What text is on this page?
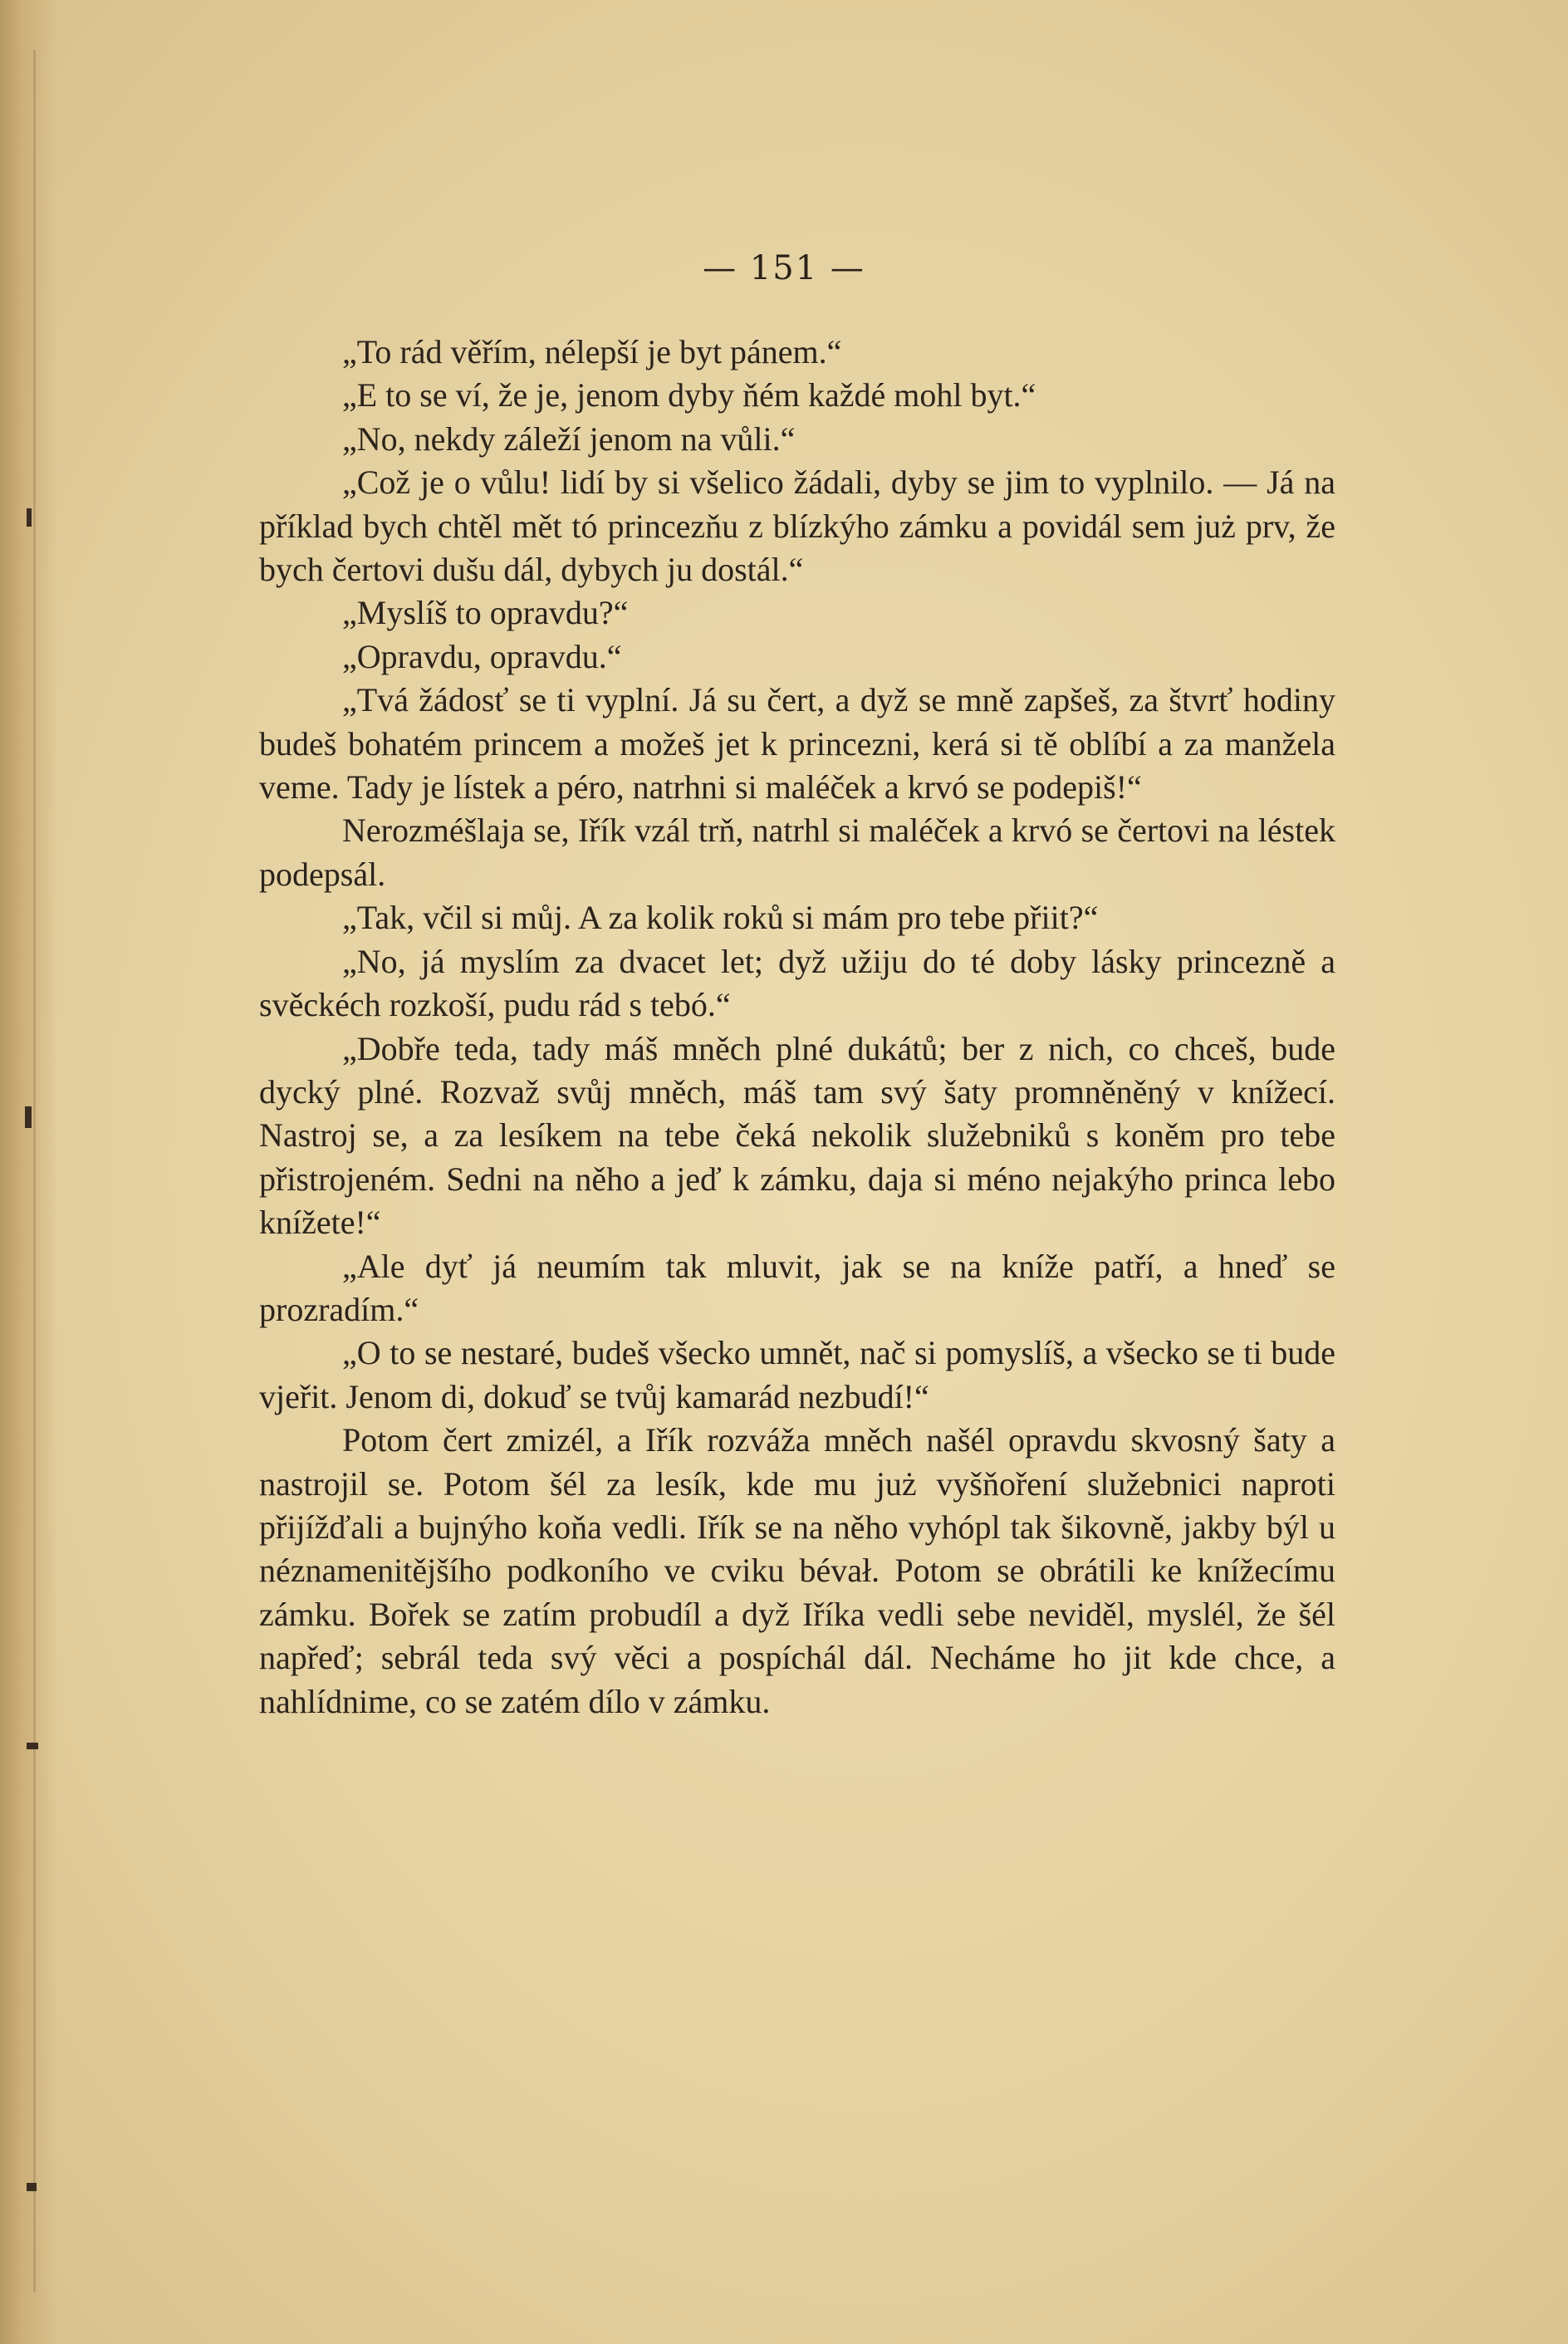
— 151 —

„To rád věřím, nélepší je byt pánem.“

„E to se ví, že je, jenom dyby ňém každé mohl byt.“

„No, nekdy záleží jenom na vůli.“

„Což je o vůlu! lidí by si všelico žádali, dyby se jim to vyplnilo. — Já na příklad bych chtěl mět tó princezňu z blízkýho zámku a povidál sem już prv, že bych čertovi dušu dál, dybych ju dostál.“

„Myslíš to opravdu?“

„Opravdu, opravdu.“

„Tvá žádosť se ti vyplní. Já su čert, a dyž se mně zapšeš, za štvrť hodiny budeš bohatém princem a možeš jet k princezni, kerá si tě oblíbí a za manžela veme. Tady je lístek a péro, natrhni si maléček a krvó se podepiš!“

Nerozméšlaja se, Iřík vzál trň, natrhl si maléček a krvó se čertovi na léstek podepsál.

„Tak, včil si můj. A za kolik roků si mám pro tebe přiit?“

„No, já myslím za dvacet let; dyž užiju do té doby lásky princezně a svěckéch rozkoší, pudu rád s tebó.“

„Dobře teda, tady máš mněch plné dukátů; ber z nich, co chceš, bude dycký plné. Rozvaž svůj mněch, máš tam svý šaty promněněný v knížecí. Nastroj se, a za lesíkem na tebe čeká nekolik služebniků s koněm pro tebe přistrojeném. Sedni na něho a jeď k zámku, daja si méno nejakýho princa lebo knížete!“

„Ale dyť já neumím tak mluvit, jak se na kníže patří, a hneď se prozradím.“

„O to se nestaré, budeš všecko umnět, nač si pomyslíš, a všecko se ti bude vjeřit. Jenom di, dokuď se tvůj kamarád nezbudí!“

Potom čert zmizél, a Iřík rozváža mněch našél opravdu skvosný šaty a nastrojil se. Potom šél za lesík, kde mu już vyšňoření služebnici naproti přijížďali a bujnýho koňa vedli. Iřík se na něho vyhópl tak šikovně, jakby býl u néznamenitějšího podkoního ve cviku bévał. Potom se obrátili ke knížecímu zámku. Bořek se zatím probudíl a dyž Iříka vedli sebe neviděl, myslél, že šél napřeď; sebrál teda svý věci a pospíchál dál. Necháme ho jit kde chce, a nahlídnime, co se zatém dílo v zámku.
